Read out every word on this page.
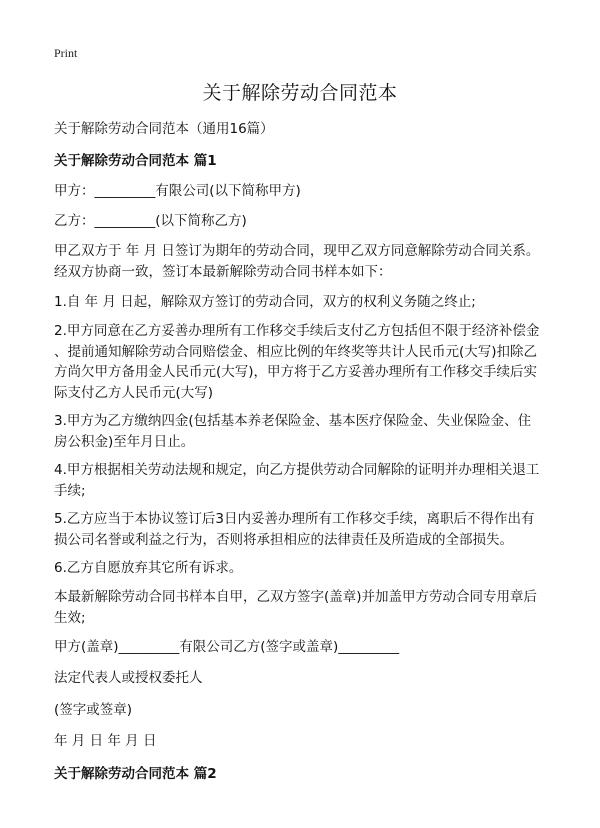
Print
关于解除劳动合同范本
关于解除劳动合同范本（通用16篇）
关于解除劳动合同范本 篇1
甲方：_________有限公司(以下简称甲方)
乙方：_________(以下简称乙方)
甲乙双方于 年 月 日签订为期年的劳动合同，现甲乙双方同意解除劳动合同关系。
经双方协商一致，签订本最新解除劳动合同书样本如下：
1.自 年 月 日起，解除双方签订的劳动合同，双方的权利义务随之终止;
2.甲方同意在乙方妥善办理所有工作移交手续后支付乙方包括但不限于经济补偿金
、提前通知解除劳动合同赔偿金、相应比例的年终奖等共计人民币元(大写)扣除乙
方尚欠甲方备用金人民币元(大写)，甲方将于乙方妥善办理所有工作移交手续后实
际支付乙方人民币元(大写)
3.甲方为乙方缴纳四金(包括基本养老保险金、基本医疗保险金、失业保险金、住
房公积金)至年月日止。
4.甲方根据相关劳动法规和规定，向乙方提供劳动合同解除的证明并办理相关退工
手续;
5.乙方应当于本协议签订后3日内妥善办理所有工作移交手续，离职后不得作出有
损公司名誉或利益之行为，否则将承担相应的法律责任及所造成的全部损失。
6.乙方自愿放弃其它所有诉求。
本最新解除劳动合同书样本自甲，乙双方签字(盖章)并加盖甲方劳动合同专用章后
生效;
甲方(盖章)_________有限公司乙方(签字或盖章)_________
法定代表人或授权委托人
(签字或签章)
年 月 日 年 月 日
关于解除劳动合同范本 篇2
